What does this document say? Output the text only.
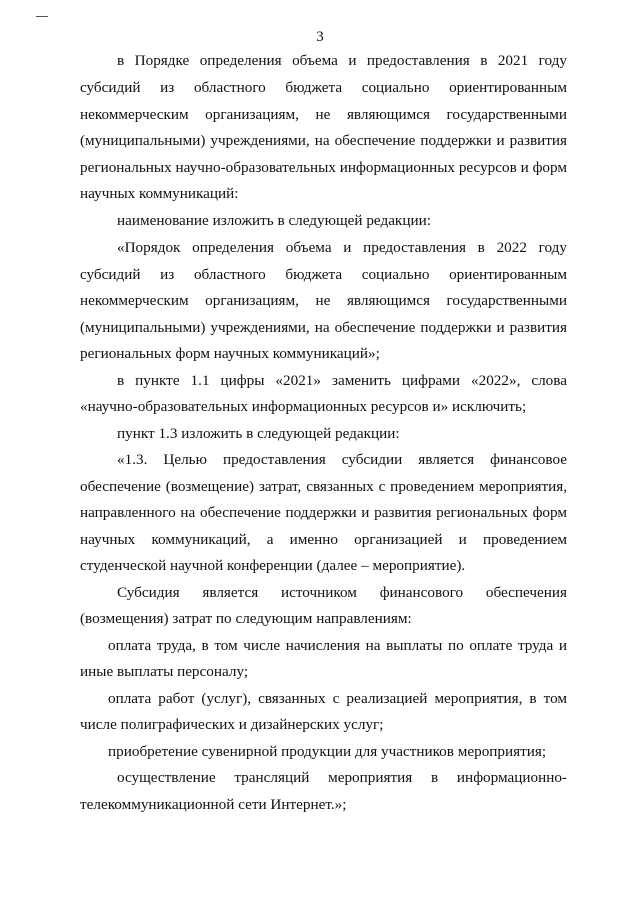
3
в Порядке определения объема и предоставления в 2021 году
субсидий из областного бюджета социально ориентированным
некоммерческим организациям, не являющимся государственными
(муниципальными) учреждениями, на обеспечение поддержки и развития
региональных научно-образовательных информационных ресурсов и форм
научных коммуникаций:
наименование изложить в следующей редакции:
«Порядок определения объема и предоставления в 2022 году
субсидий из областного бюджета социально ориентированным
некоммерческим организациям, не являющимся государственными
(муниципальными) учреждениями, на обеспечение поддержки и развития
региональных форм научных коммуникаций»;
в пункте 1.1 цифры «2021» заменить цифрами «2022», слова
«научно-образовательных информационных ресурсов и» исключить;
пункт 1.3 изложить в следующей редакции:
«1.3. Целью предоставления субсидии является финансовое
обеспечение (возмещение) затрат, связанных с проведением мероприятия,
направленного на обеспечение поддержки и развития региональных форм
научных коммуникаций, а именно организацией и проведением
студенческой научной конференции (далее – мероприятие).
Субсидия является источником финансового обеспечения
(возмещения) затрат по следующим направлениям:
оплата труда, в том числе начисления на выплаты по оплате труда и
иные выплаты персоналу;
оплата работ (услуг), связанных с реализацией мероприятия, в том
числе полиграфических и дизайнерских услуг;
приобретение сувенирной продукции для участников мероприятия;
осуществление трансляций мероприятия в информационно-
телекоммуникационной сети Интернет.»;
